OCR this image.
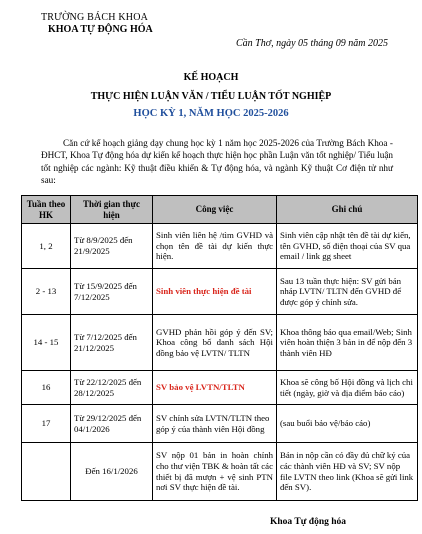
TRƯỜNG BÁCH KHOA
KHOA TỰ ĐỘNG HÓA
Cần Thơ, ngày 05 tháng 09 năm 2025
KẾ HOẠCH
THỰC HIỆN LUẬN VĂN / TIỂU LUẬN TỐT NGHIỆP
HỌC KỲ 1, NĂM HỌC 2025-2026
Căn cứ kế hoạch giảng dạy chung học kỳ 1 năm học 2025-2026 của Trường Bách Khoa - ĐHCT, Khoa Tự động hóa dự kiến kế hoạch thực hiện học phần Luận văn tốt nghiệp/ Tiểu luận tốt nghiệp các ngành: Kỹ thuật điều khiển & Tự động hóa, và ngành Kỹ thuật Cơ điện tử như sau:
Tuần theo HK	Thời gian thực hiện	Công việc	Ghi chú
1, 2	Từ 8/9/2025 đến 21/9/2025	Sinh viên liên hệ /tìm GVHD và chọn tên đề tài dự kiến thực hiện.	Sinh viên cập nhật tên đề tài dự kiến, tên GVHD, số điện thoại của SV qua email / link gg sheet
2 - 13	Từ 15/9/2025 đến 7/12/2025	Sinh viên thực hiện đề tài	Sau 13 tuần thực hiện: SV gửi bản nháp LVTN/ TLTN đến GVHD để được góp ý chỉnh sửa.
14 - 15	Từ 7/12/2025 đến 21/12/2025	GVHD phản hồi góp ý đến SV; Khoa công bố danh sách Hội đồng bảo vệ LVTN/ TLTN	Khoa thông báo qua email/Web; Sinh viên hoàn thiện 3 bản in để nộp đến 3 thành viên HĐ
16	Từ 22/12/2025 đến 28/12/2025	SV bảo vệ LVTN/TLTN	Khoa sẽ công bố Hội đồng và lịch chi tiết (ngày, giờ và địa điểm báo cáo)
17	Từ 29/12/2025 đến 04/1/2026	SV chỉnh sửa LVTN/TLTN theo góp ý của thành viên Hội đồng	(sau buổi bảo vệ/báo cáo)
	Đến 16/1/2026	SV nộp 01 bản in hoàn chỉnh cho thư viện TBK & hoàn tất các thiết bị đã mượn + vệ sinh PTN nơi SV thực hiện đề tài.	Bản in nộp cần có đầy đủ chữ ký của các thành viên HĐ và SV; SV nộp file LVTN theo link (Khoa sẽ gửi link đến SV).
Khoa Tự động hóa
